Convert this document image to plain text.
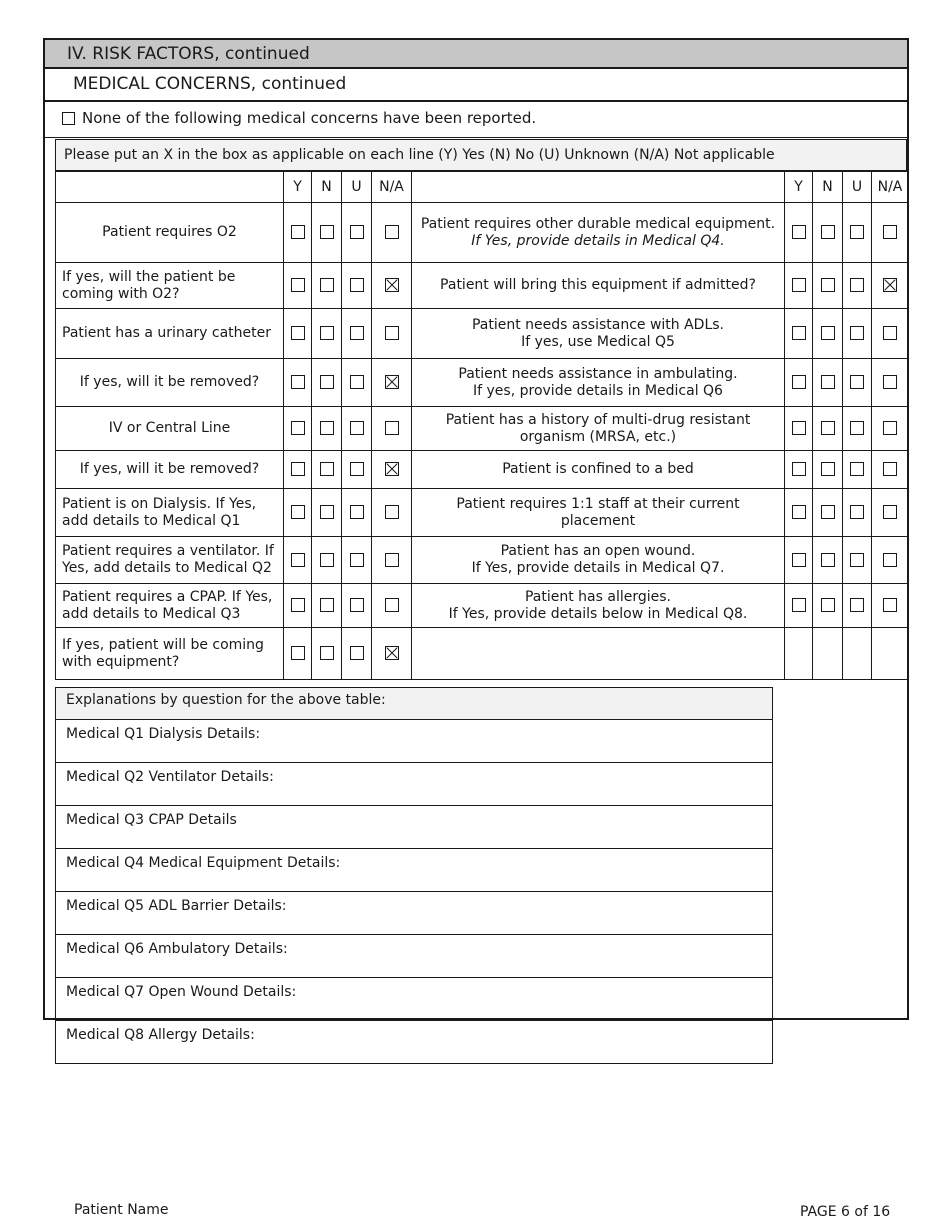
IV. RISK FACTORS, continued
MEDICAL CONCERNS, continued
None of the following medical concerns have been reported.
Please put an X in the box as applicable on each line (Y) Yes (N) No (U) Unknown (N/A) Not applicable
	Y	N	U	N/A		Y	N	U	N/A
Patient requires O2					Patient requires other durable medical equipment.
If Yes, provide details in Medical Q4.				

If yes, will the patient be coming with O2?					Patient will bring this equipment if admitted?				

Patient has a urinary catheter					Patient needs assistance with ADLs.
If yes, use Medical Q5				

If yes, will it be removed?					Patient needs assistance in ambulating.
If yes, provide details in Medical Q6				

IV or Central Line					Patient has a history of multi-drug resistant organism (MRSA, etc.)				

If yes, will it be removed?					Patient is confined to a bed				

Patient is on Dialysis. If Yes, add details to Medical Q1					Patient requires 1:1 staff at their current placement				

Patient requires a ventilator. If Yes, add details to Medical Q2					Patient has an open wound.
If Yes, provide details in Medical Q7.				

Patient requires a CPAP. If Yes, add details to Medical Q3					Patient has allergies.
If Yes, provide details below in Medical Q8.				

If yes, patient will be coming with equipment?									
Explanations by question for the above table:
Medical Q1 Dialysis Details:
Medical Q2 Ventilator Details:
Medical Q3 CPAP Details
Medical Q4 Medical Equipment Details:
Medical Q5 ADL Barrier Details:
Medical Q6 Ambulatory Details:
Medical Q7 Open Wound Details:
Medical Q8 Allergy Details:
Patient Name	PAGE 6 of 16
